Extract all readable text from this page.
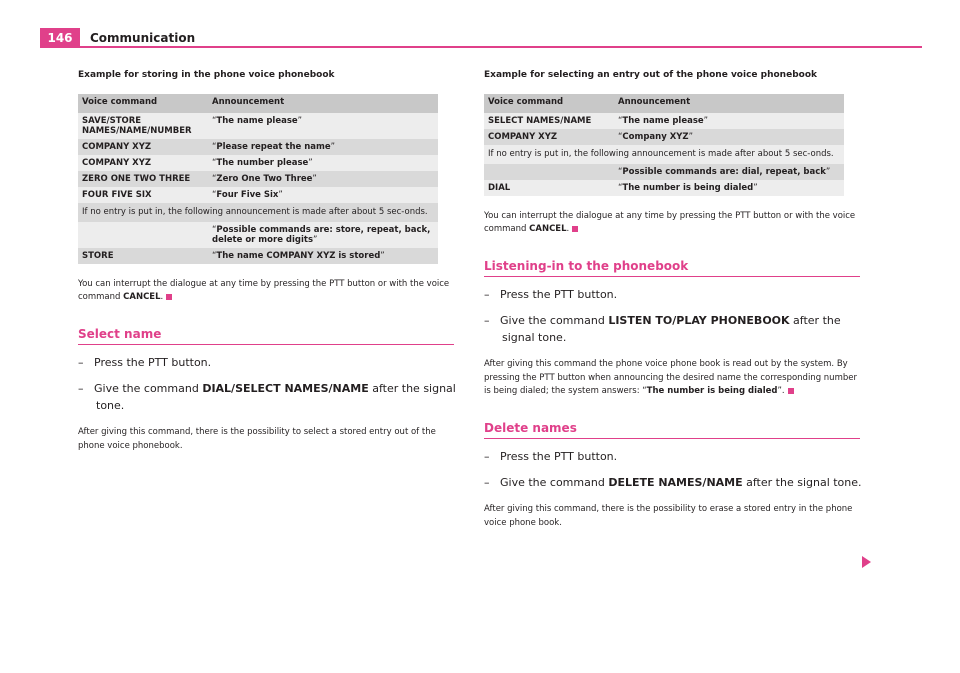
146	Communication
Example for storing in the phone voice phonebook
Voice command	Announcement
SAVE/STORE NAMES/NAME/NUMBER	“The name please”
COMPANY XYZ	“Please repeat the name”
COMPANY XYZ	“The number please”
ZERO ONE TWO THREE	“Zero One Two Three”
FOUR FIVE SIX	“Four Five Six”
If no entry is put in, the following announcement is made after about 5 sec-onds.	
	“Possible commands are: store, repeat, back, delete or more digits”
STORE	“The name COMPANY XYZ is stored”

You can interrupt the dialogue at any time by pressing the PTT button or with the voice command CANCEL.

Select name
–   Press the PTT button.
–   Give the command DIAL/SELECT NAMES/NAME after the signal tone.

After giving this command, there is the possibility to select a stored entry out of the phone voice phonebook.

Example for selecting an entry out of the phone voice phonebook
Voice command	Announcement
SELECT NAMES/NAME	“The name please”
COMPANY XYZ	“Company XYZ”
If no entry is put in, the following announcement is made after about 5 sec-onds.	
	“Possible commands are: dial, repeat, back”
DIAL	“The number is being dialed”

You can interrupt the dialogue at any time by pressing the PTT button or with the voice command CANCEL.

Listening-in to the phonebook
–   Press the PTT button.
–   Give the command LISTEN TO/PLAY PHONEBOOK after the signal tone.

After giving this command the phone voice phone book is read out by the system. By pressing the PTT button when announcing the desired name the corresponding number is being dialed; the system answers: “The number is being dialed”.

Delete names
–   Press the PTT button.
–   Give the command DELETE NAMES/NAME after the signal tone.

After giving this command, there is the possibility to erase a stored entry in the phone voice phone book.
